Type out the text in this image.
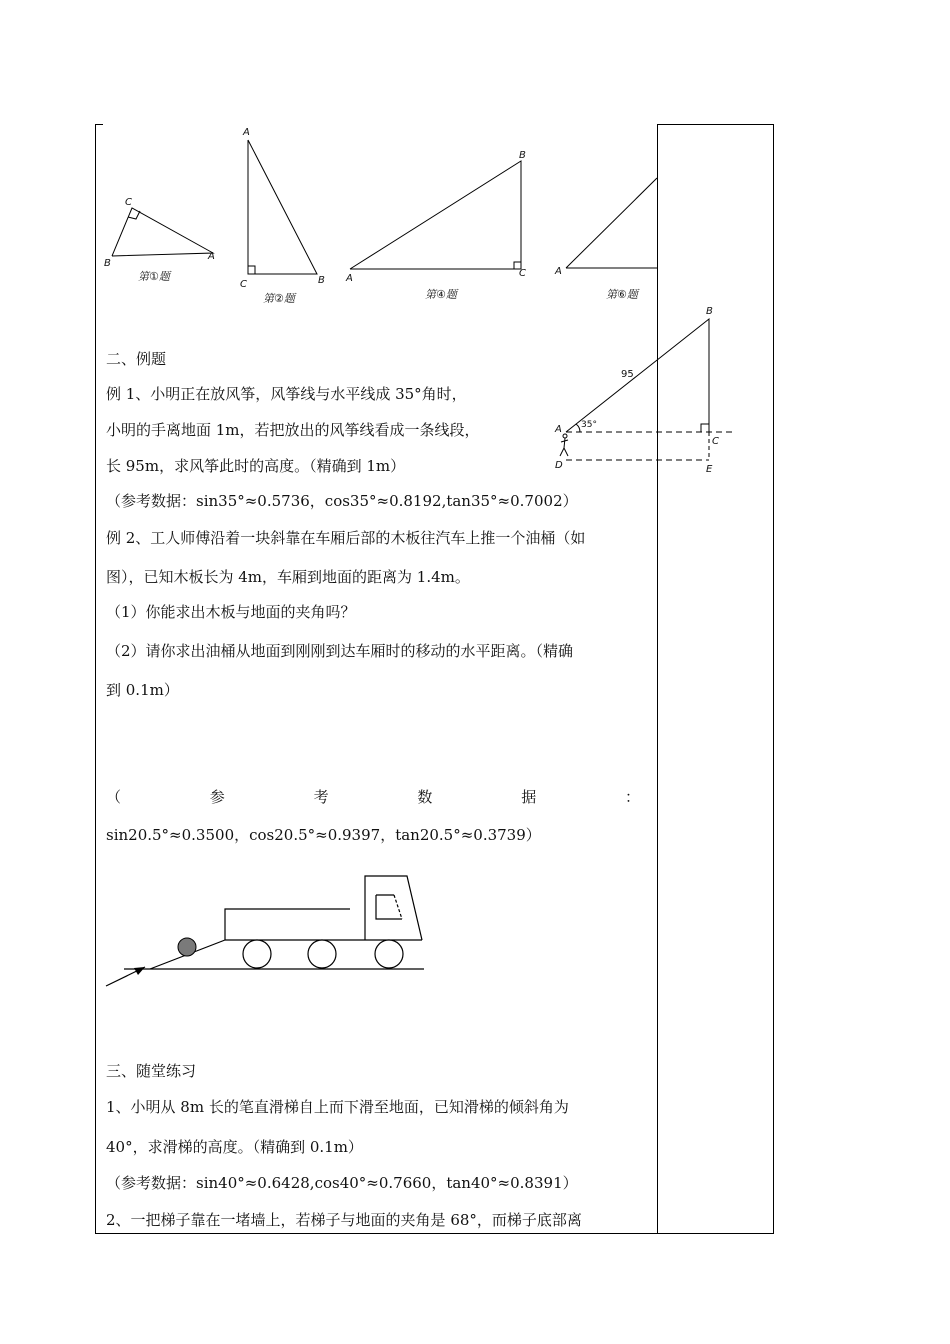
C
B
A
第①题
A
C	B
第②题
B
A	C
第④题
A
第⑥题
B
95
A 35°
C
D	E
二、例题
例 1、小明正在放风筝，风筝线与水平线成 35°角时，
小明的手离地面 1m，若把放出的风筝线看成一条线段，
长 95m，求风筝此时的高度。（精确到 1m）
（参考数据：sin35°≈0.5736，cos35°≈0.8192,tan35°≈0.7002）
例 2、工人师傅沿着一块斜靠在车厢后部的木板往汽车上推一个油桶（如
图），已知木板长为 4m，车厢到地面的距离为 1.4m。
（1）你能求出木板与地面的夹角吗？
（2）请你求出油桶从地面到刚刚到达车厢时的移动的水平距离。（精确
到 0.1m）
（	参	考	数	据	：
sin20.5°≈0.3500，cos20.5°≈0.9397，tan20.5°≈0.3739）
三、随堂练习
1、小明从 8m 长的笔直滑梯自上而下滑至地面，已知滑梯的倾斜角为
40°，求滑梯的高度。（精确到 0.1m）
（参考数据：sin40°≈0.6428,cos40°≈0.7660，tan40°≈0.8391）
2、一把梯子靠在一堵墙上，若梯子与地面的夹角是 68°，而梯子底部离
